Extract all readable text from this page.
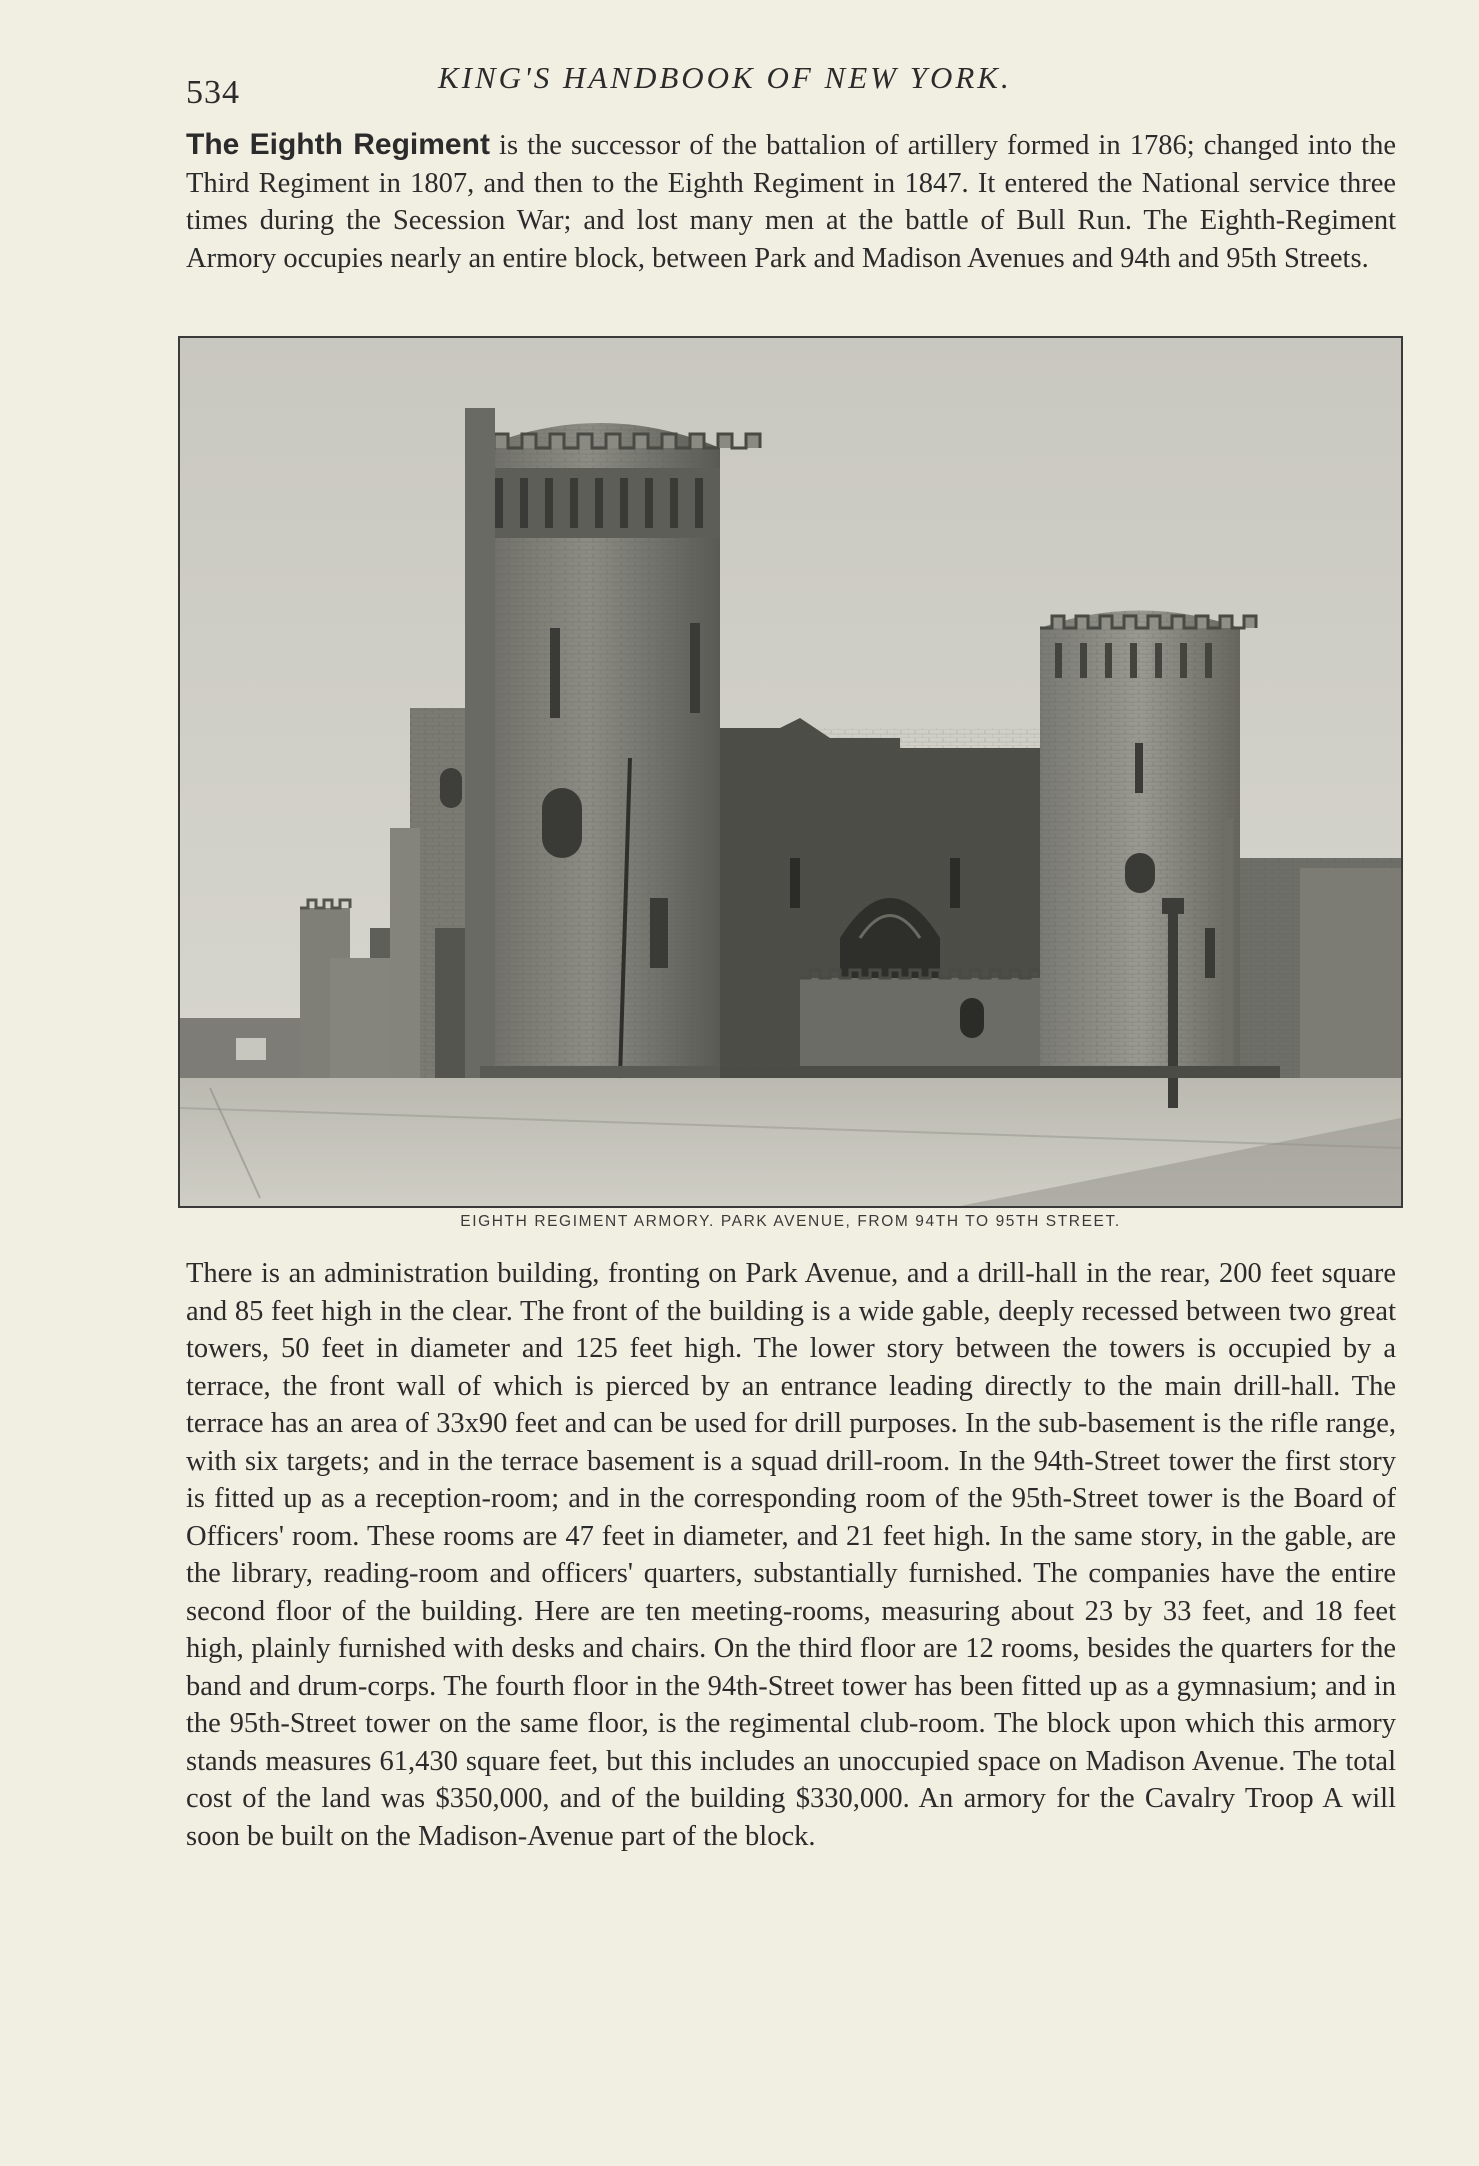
534	KING'S HANDBOOK OF NEW YORK.

The Eighth Regiment is the successor of the battalion of artillery formed in 1786; changed into the Third Regiment in 1807, and then to the Eighth Regiment in 1847. It entered the National service three times during the Secession War; and lost many men at the battle of Bull Run. The Eighth-Regiment Armory occupies nearly an entire block, between Park and Madison Avenues and 94th and 95th Streets.

EIGHTH REGIMENT ARMORY. PARK AVENUE, FROM 94TH TO 95TH STREET.

There is an administration building, fronting on Park Avenue, and a drill-hall in the rear, 200 feet square and 85 feet high in the clear. The front of the building is a wide gable, deeply recessed between two great towers, 50 feet in diameter and 125 feet high. The lower story between the towers is occupied by a terrace, the front wall of which is pierced by an entrance leading directly to the main drill-hall. The terrace has an area of 33x90 feet and can be used for drill purposes. In the sub-basement is the rifle range, with six targets; and in the terrace basement is a squad drill-room. In the 94th-Street tower the first story is fitted up as a reception-room; and in the corresponding room of the 95th-Street tower is the Board of Officers' room. These rooms are 47 feet in diameter, and 21 feet high. In the same story, in the gable, are the library, reading-room and officers' quarters, substantially furnished. The companies have the entire second floor of the building. Here are ten meeting-rooms, measuring about 23 by 33 feet, and 18 feet high, plainly furnished with desks and chairs. On the third floor are 12 rooms, besides the quarters for the band and drum-corps. The fourth floor in the 94th-Street tower has been fitted up as a gymnasium; and in the 95th-Street tower on the same floor, is the regimental club-room. The block upon which this armory stands measures 61,430 square feet, but this includes an unoccupied space on Madison Avenue. The total cost of the land was $350,000, and of the building $330,000. An armory for the Cavalry Troop A will soon be built on the Madison-Avenue part of the block.
